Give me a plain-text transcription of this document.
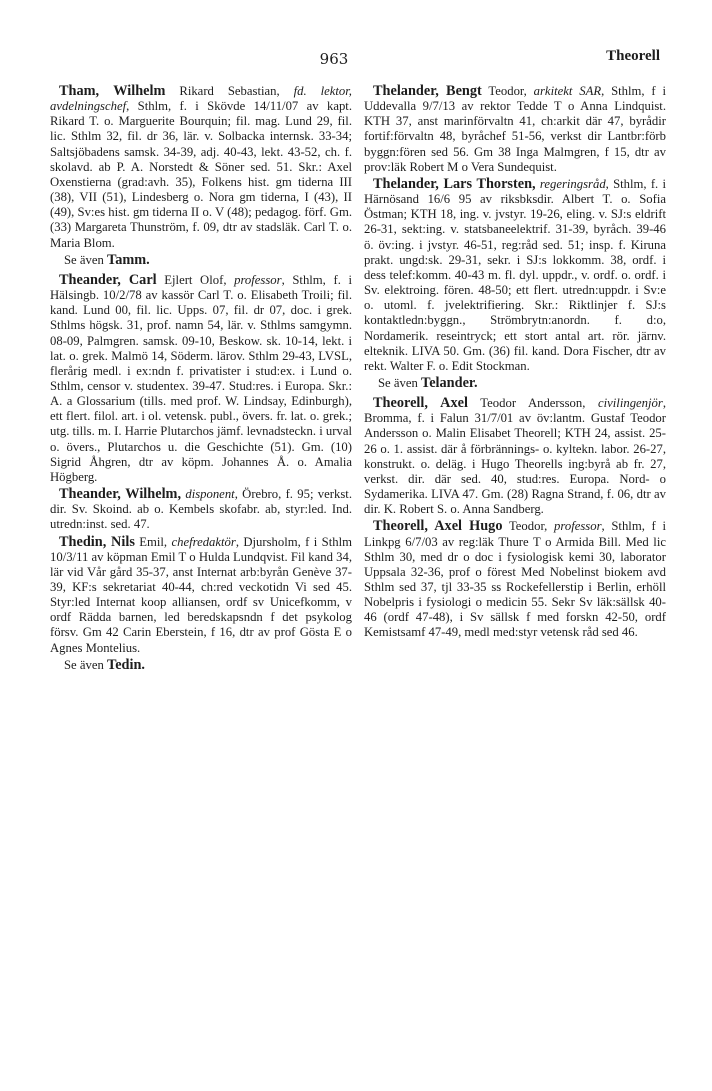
963	Theorell

Tham, Wilhelm Rikard Sebastian, fd. lektor, avdelningschef, Sthlm, f. i Skövde 14/11/07 av kapt. Rikard T. o. Marguerite Bourquin; fil. mag. Lund 29, fil. lic. Sthlm 32, fil. dr 36, lär. v. Solbacka internsk. 33-34; Saltsjöbadens samsk. 34-39, adj. 40-43, lekt. 43-52, ch. f. skolavd. ab P. A. Norstedt & Söner sed. 51. Skr.: Axel Oxenstierna (grad:avh. 35), Folkens hist. gm tiderna III (38), VII (51), Lindesberg o. Nora gm tiderna, I (43), II (49), Sv:es hist. gm tiderna II o. V (48); pedagog. förf. Gm. (33) Margareta Thunström, f. 09, dtr av stadsläk. Carl T. o. Maria Blom.

Se även Tamm.

Theander, Carl Ejlert Olof, professor, Sthlm, f. i Hälsingb. 10/2/78 av kassör Carl T. o. Elisabeth Troili; fil. kand. Lund 00, fil. lic. Upps. 07, fil. dr 07, doc. i grek. Sthlms högsk. 31, prof. namn 54, lär. v. Sthlms samgymn. 08-09, Palmgren. samsk. 09-10, Beskow. sk. 10-14, lekt. i lat. o. grek. Malmö 14, Söderm. lärov. Sthlm 29-43, LVSL, flerårig medl. i ex:ndn f. privatister i stud:ex. i Lund o. Sthlm, censor v. studentex. 39-47. Stud:res. i Europa. Skr.: A. a Glossarium (tills. med prof. W. Lindsay, Edinburgh), ett flert. filol. art. i ol. vetensk. publ., övers. fr. lat. o. grek.; utg. tills. m. I. Harrie Plutarchos jämf. levnadsteckn. i urval o. övers., Plutarchos u. die Geschichte (51). Gm. (10) Sigrid Åhgren, dtr av köpm. Johannes Å. o. Amalia Högberg.

Theander, Wilhelm, disponent, Örebro, f. 95; verkst. dir. Sv. Skoind. ab o. Kembels skofabr. ab, styr:led. Ind. utredn:inst. sed. 47.

Thedin, Nils Emil, chefredaktör, Djursholm, f i Sthlm 10/3/11 av köpman Emil T o Hulda Lundqvist. Fil kand 34, lär vid Vår gård 35-37, anst Internat arb:byrån Genève 37-39, KF:s sekretariat 40-44, ch:red veckotidn Vi sed 45. Styr:led Internat koop alliansen, ordf sv Unicefkomm, v ordf Rädda barnen, led beredskapsndn f det psykolog försv. Gm 42 Carin Eberstein, f 16, dtr av prof Gösta E o Agnes Montelius.

Se även Tedin.

Thelander, Bengt Teodor, arkitekt SAR, Sthlm, f i Uddevalla 9/7/13 av rektor Tedde T o Anna Lindquist. KTH 37, anst marinförvaltn 41, ch:arkit där 47, byrådir fortif:förvaltn 48, byråchef 51-56, verkst dir Lantbr:förb byggn:fören sed 56. Gm 38 Inga Malmgren, f 15, dtr av prov:läk Robert M o Vera Sundequist.

Thelander, Lars Thorsten, regeringsråd, Sthlm, f. i Härnösand 16/6 95 av riksbksdir. Albert T. o. Sofia Östman; KTH 18, ing. v. jvstyr. 19-26, eling. v. SJ:s eldrift 26-31, sekt:ing. v. statsbaneelektrif. 31-39, byråch. 39-46 ö. öv:ing. i jvstyr. 46-51, reg:råd sed. 51; insp. f. Kiruna prakt. ungd:sk. 29-31, sekr. i SJ:s lokkomm. 38, ordf. i dess telef:komm. 40-43 m. fl. dyl. uppdr., v. ordf. o. ordf. i Sv. elektroing. fören. 48-50; ett flert. utredn:uppdr. i Sv:e o. utoml. f. jvelektrifiering. Skr.: Riktlinjer f. SJ:s kontaktledn:byggn., Strömbrytn:anordn. f. d:o, Nordamerik. reseintryck; ett stort antal art. rör. järnv. elteknik. LIVA 50. Gm. (36) fil. kand. Dora Fischer, dtr av rekt. Walter F. o. Edit Stockman.

Se även Telander.

Theorell, Axel Teodor Andersson, civilingenjör, Bromma, f. i Falun 31/7/01 av öv:lantm. Gustaf Teodor Andersson o. Malin Elisabet Theorell; KTH 24, assist. 25-26 o. 1. assist. där å förbrännings- o. kyltekn. labor. 26-27, konstrukt. o. deläg. i Hugo Theorells ing:byrå ab fr. 27, verkst. dir. där sed. 40, stud:res. Europa. Nord- o Sydamerika. LIVA 47. Gm. (28) Ragna Strand, f. 06, dtr av dir. K. Robert S. o. Anna Sandberg.

Theorell, Axel Hugo Teodor, professor, Sthlm, f i Linkpg 6/7/03 av reg:läk Thure T o Armida Bill. Med lic Sthlm 30, med dr o doc i fysiologisk kemi 30, laborator Uppsala 32-36, prof o förest Med Nobelinst biokem avd Sthlm sed 37, tjl 33-35 ss Rockefellerstip i Berlin, erhöll Nobelpris i fysiologi o medicin 55. Sekr Sv läk:sällsk 40-46 (ordf 47-48), i Sv sällsk f med forskn 42-50, ordf Kemistsamf 47-49, medl med:styr vetensk råd sed 46.
